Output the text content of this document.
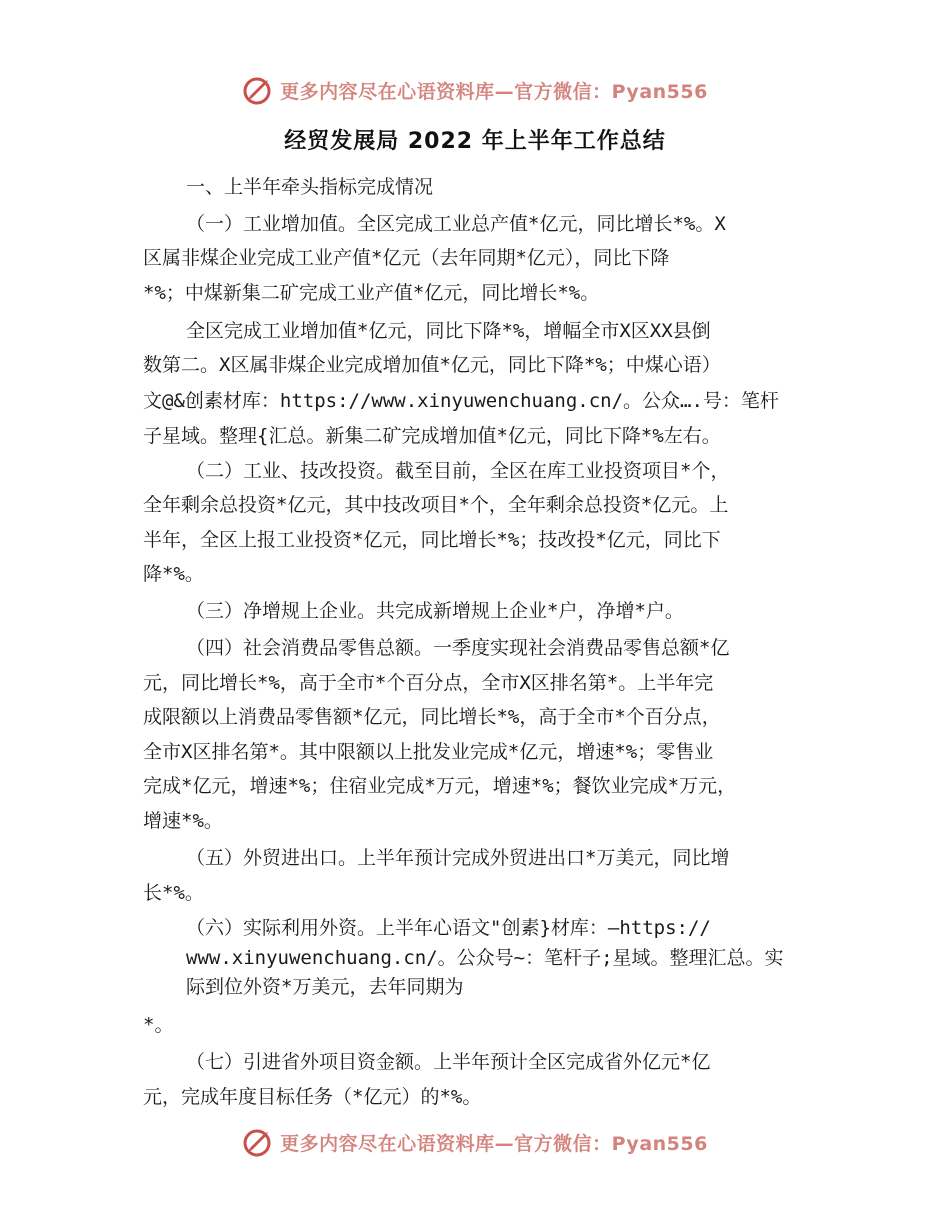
更多内容尽在心语资料库—官方微信：Pyan556
经贸发展局 2022 年上半年工作总结
一、上半年牵头指标完成情况
（一）工业增加值。全区完成工业总产值*亿元，同比增长*%。X
区属非煤企业完成工业产值*亿元（去年同期*亿元），同比下降
*%；中煤新集二矿完成工业产值*亿元，同比增长*%。
全区完成工业增加值*亿元，同比下降*%，增幅全市X区XX县倒
数第二。X区属非煤企业完成增加值*亿元，同比下降*%；中煤心语）
文@&创素材库：https://www.xinyuwenchuang.cn/。公众….号：笔杆
子星域。整理{汇总。新集二矿完成增加值*亿元，同比下降*%左右。
（二）工业、技改投资。截至目前，全区在库工业投资项目*个，
全年剩余总投资*亿元，其中技改项目*个，全年剩余总投资*亿元。上
半年，全区上报工业投资*亿元，同比增长*%；技改投*亿元，同比下
降*%。
（三）净增规上企业。共完成新增规上企业*户，净增*户。
（四）社会消费品零售总额。一季度实现社会消费品零售总额*亿
元，同比增长*%，高于全市*个百分点，全市X区排名第*。上半年完
成限额以上消费品零售额*亿元，同比增长*%，高于全市*个百分点，
全市X区排名第*。其中限额以上批发业完成*亿元，增速*%；零售业
完成*亿元，增速*%；住宿业完成*万元，增速*%；餐饮业完成*万元，
增速*%。
（五）外贸进出口。上半年预计完成外贸进出口*万美元，同比增
长*%。
（六）实际利用外资。上半年心语文"创素}材库：—https://
www.xinyuwenchuang.cn/。公众号~：笔杆子;星域。整理汇总。实
际到位外资*万美元，去年同期为
*。
（七）引进省外项目资金额。上半年预计全区完成省外亿元*亿
元，完成年度目标任务（*亿元）的*%。
更多内容尽在心语资料库—官方微信：Pyan556
